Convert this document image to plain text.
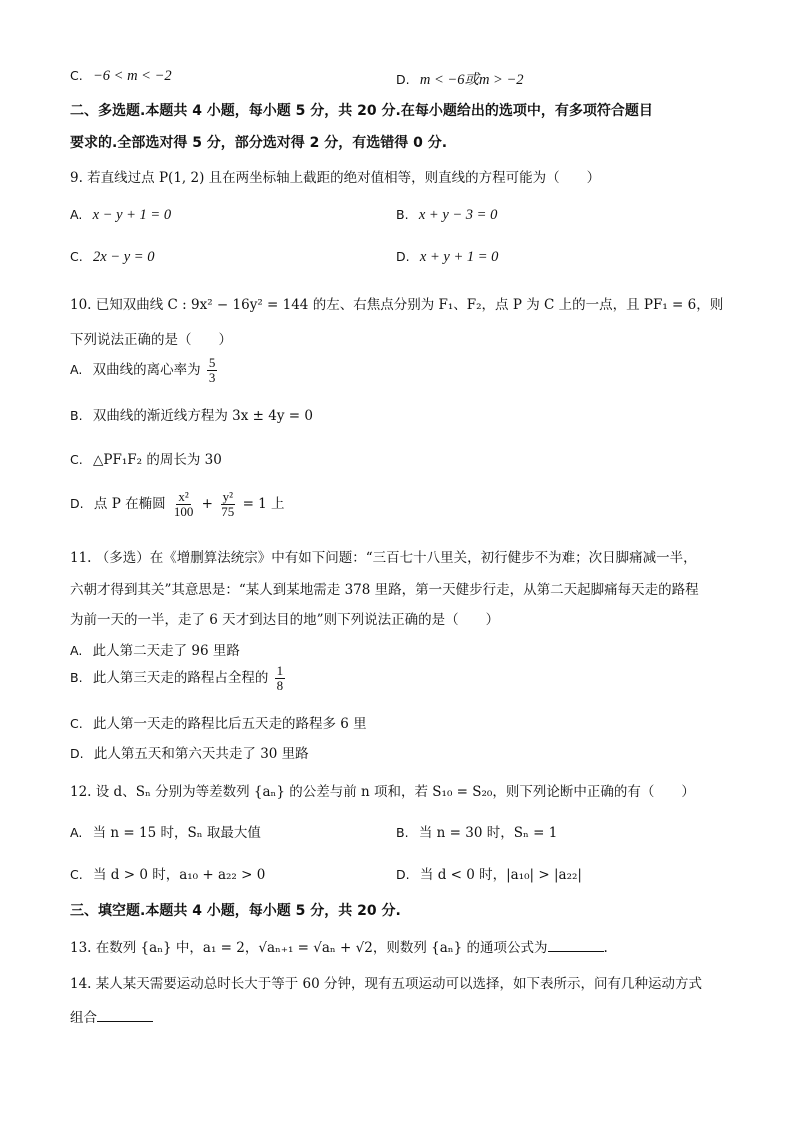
C. −6 < m < −2	D. m < −6或m > −2
二、多选题.本题共 4 小题，每小题 5 分，共 20 分.在每小题给出的选项中，有多项符合题目
要求的.全部选对得 5 分，部分选对得 2 分，有选错得 0 分.
9. 若直线过点 P(1, 2) 且在两坐标轴上截距的绝对值相等，则直线的方程可能为（　　）
A. x − y + 1 = 0	B. x + y − 3 = 0
C. 2x − y = 0	D. x + y + 1 = 0
10. 已知双曲线 C : 9x² − 16y² = 144 的左、右焦点分别为 F₁、F₂，点 P 为 C 上的一点，且 PF₁ = 6，则
下列说法正确的是（　　）
A. 双曲线的离心率为 $\frac{5}{3}$
B. 双曲线的渐近线方程为 3x ± 4y = 0
C. △PF₁F₂ 的周长为 30
D. 点 P 在椭圆 $\frac{\text{x²}}{100} + \frac{\text{y²}}{75} = 1$ 上
11. （多选）在《增删算法统宗》中有如下问题：“三百七十八里关，初行健步不为难；次日脚痛减一半，
六朝才得到其关”其意思是：“某人到某地需走 378 里路，第一天健步行走，从第二天起脚痛每天走的路程
为前一天的一半，走了 6 天才到达目的地”则下列说法正确的是（　　）
A. 此人第二天走了 96 里路
B. 此人第三天走的路程占全程的 $\frac{1}{8}$
C. 此人第一天走的路程比后五天走的路程多 6 里
D. 此人第五天和第六天共走了 30 里路
12. 设 d、Sₙ 分别为等差数列 {aₙ} 的公差与前 n 项和，若 S₁₀ = S₂₀，则下列论断中正确的有（　　）
A. 当 n = 15 时，Sₙ 取最大值	B. 当 n = 30 时，Sₙ = 1
C. 当 d > 0 时，a₁₀ + a₂₂ > 0	D. 当 d < 0 时，|a₁₀| > |a₂₂|
三、填空题.本题共 4 小题，每小题 5 分，共 20 分.
13. 在数列 {aₙ} 中，a₁ = 2，√aₙ₊₁ = √aₙ + √2，则数列 {aₙ} 的通项公式为	.
14. 某人某天需要运动总时长大于等于 60 分钟，现有五项运动可以选择，如下表所示，问有几种运动方式
组合
